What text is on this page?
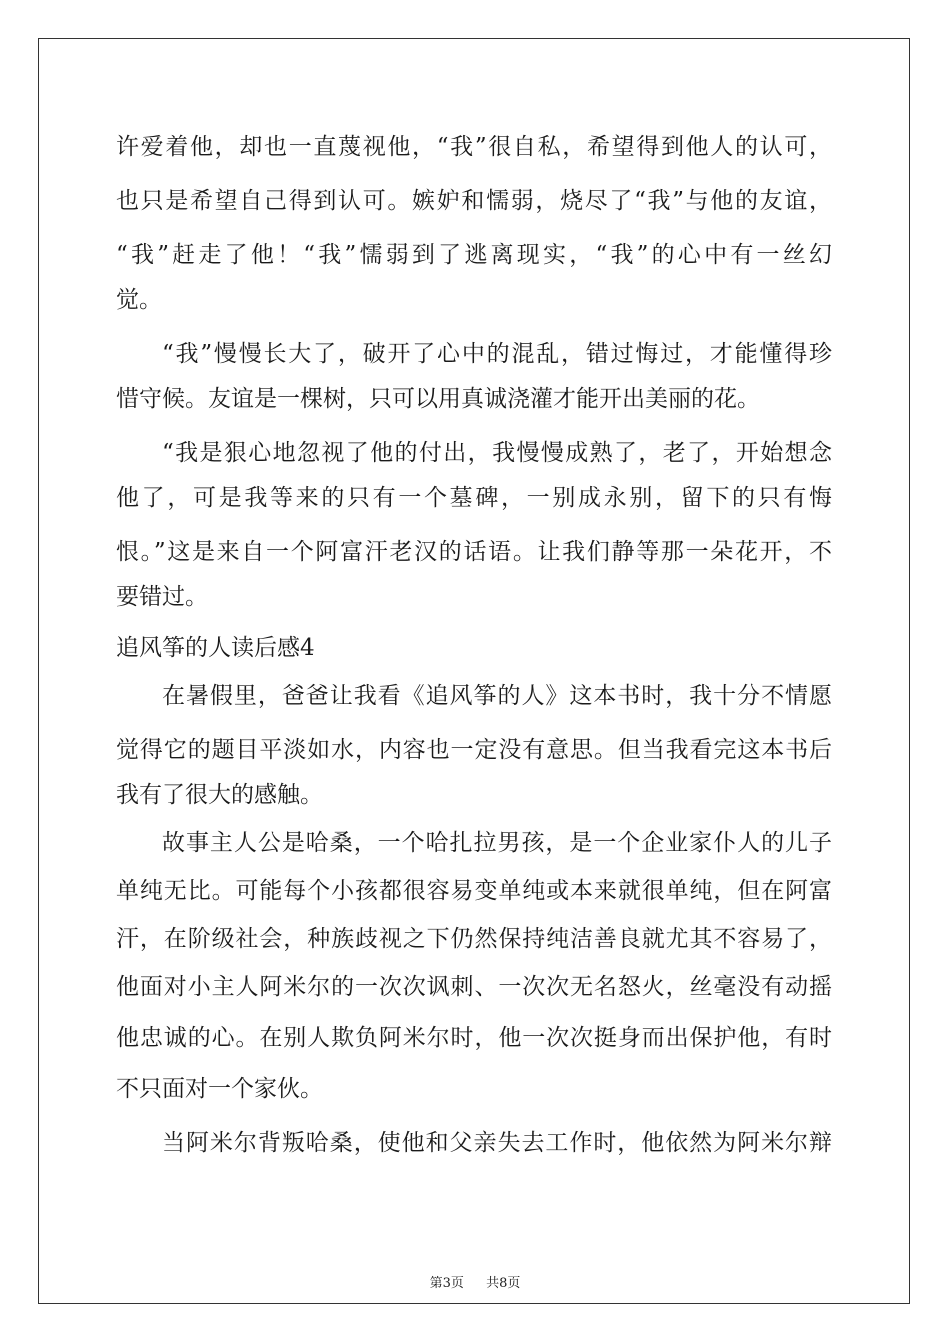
许爱着他，却也一直蔑视他，“我”很自私，希望得到他人的认可，
也只是希望自己得到认可。嫉妒和懦弱，烧尽了“我”与他的友谊，
“我”赶走了他！“我”懦弱到了逃离现实，“我”的心中有一丝幻
觉。
“我”慢慢长大了，破开了心中的混乱，错过悔过，才能懂得珍
惜守候。友谊是一棵树，只可以用真诚浇灌才能开出美丽的花。
“我是狠心地忽视了他的付出，我慢慢成熟了，老了，开始想念
他了，可是我等来的只有一个墓碑，一别成永别，留下的只有悔
恨。”这是来自一个阿富汗老汉的话语。让我们静等那一朵花开，不
要错过。
追风筝的人读后感4
在暑假里，爸爸让我看《追风筝的人》这本书时，我十分不情愿
觉得它的题目平淡如水，内容也一定没有意思。但当我看完这本书后
我有了很大的感触。
故事主人公是哈桑，一个哈扎拉男孩，是一个企业家仆人的儿子
单纯无比。可能每个小孩都很容易变单纯或本来就很单纯，但在阿富
汗，在阶级社会，种族歧视之下仍然保持纯洁善良就尤其不容易了，
他面对小主人阿米尔的一次次讽刺、一次次无名怒火，丝毫没有动摇
他忠诚的心。在别人欺负阿米尔时，他一次次挺身而出保护他，有时
不只面对一个家伙。
当阿米尔背叛哈桑，使他和父亲失去工作时，他依然为阿米尔辩
第3页 共8页
